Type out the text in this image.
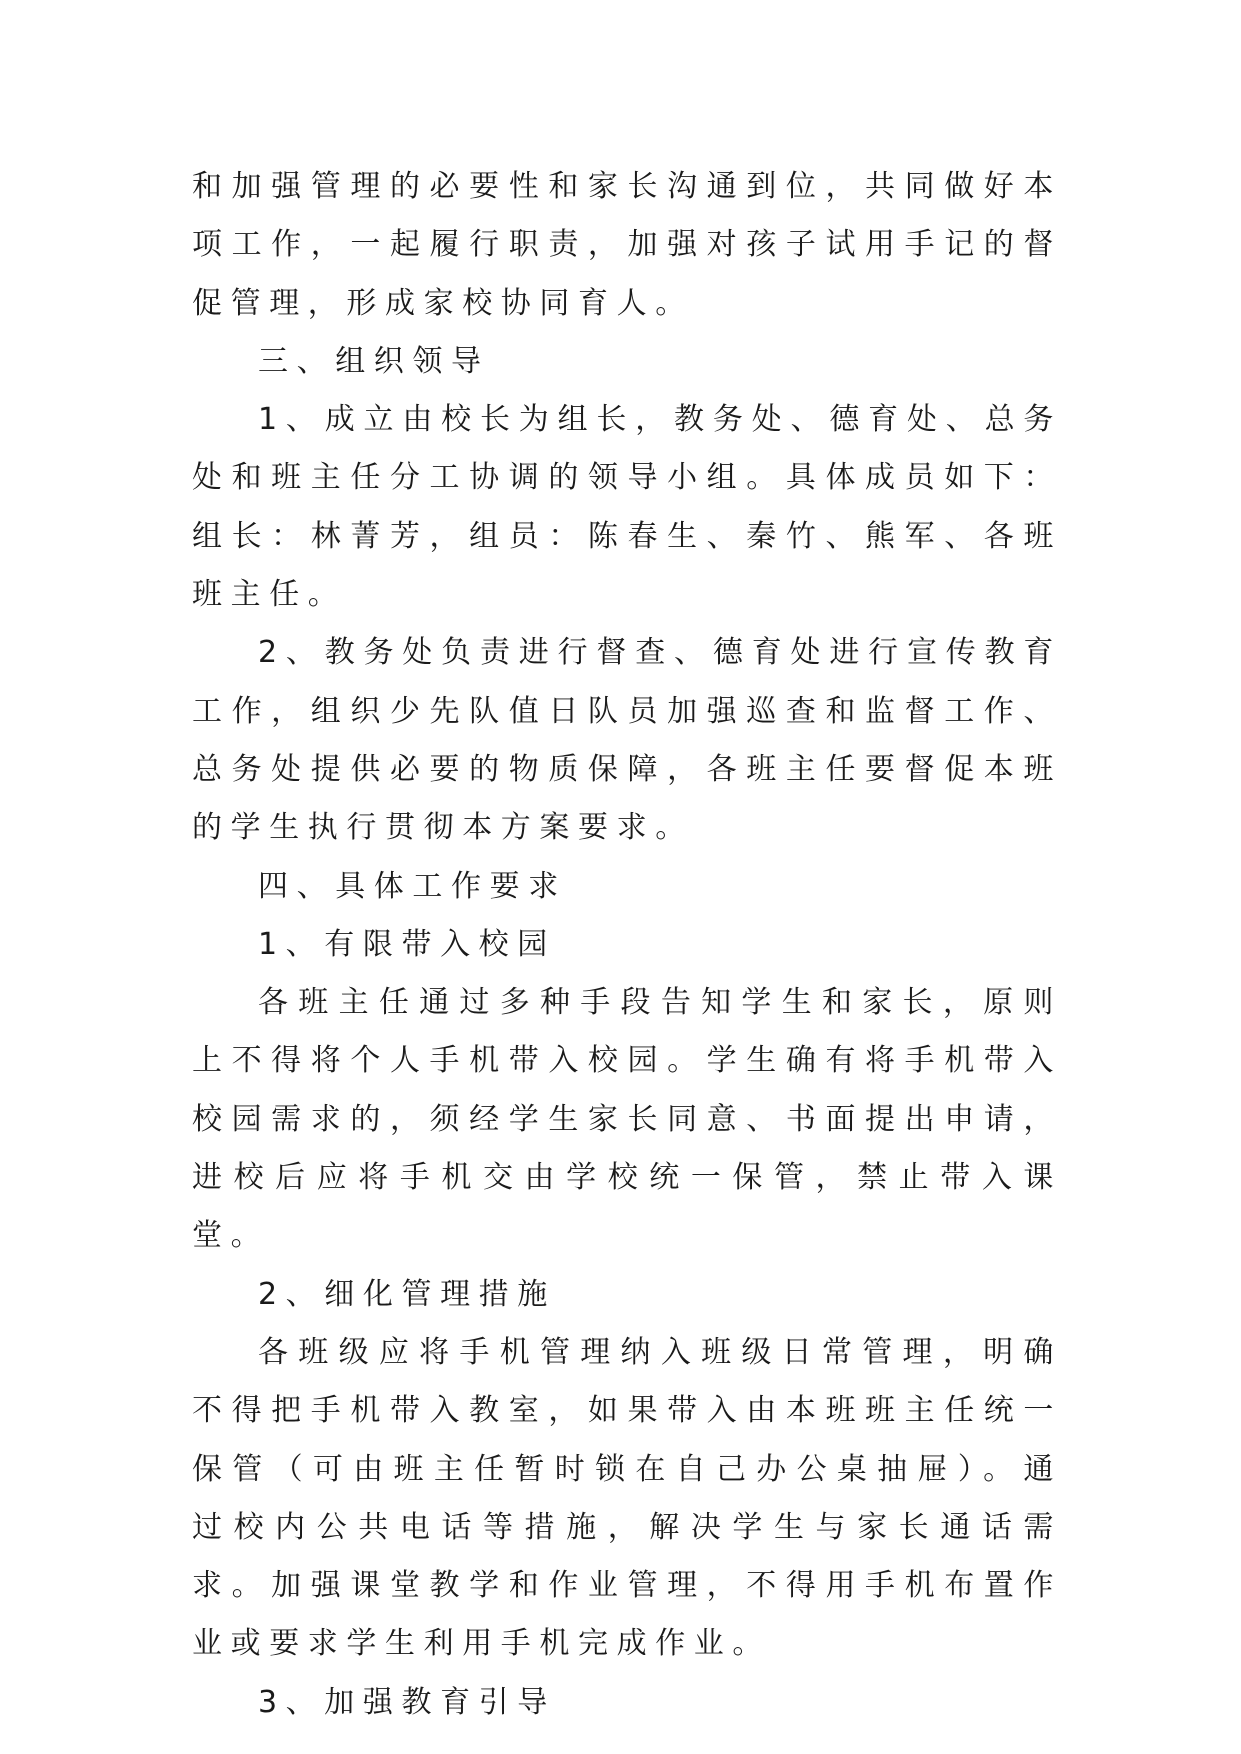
和加强管理的必要性和家长沟通到位，共同做好本项工作，一起履行职责，加强对孩子试用手记的督促管理，形成家校协同育人。

三、组织领导

1、成立由校长为组长，教务处、德育处、总务处和班主任分工协调的领导小组。具体成员如下：组长：林菁芳，组员：陈春生、秦竹、熊军、各班班主任。

2、教务处负责进行督查、德育处进行宣传教育工作，组织少先队值日队员加强巡查和监督工作、总务处提供必要的物质保障，各班主任要督促本班的学生执行贯彻本方案要求。

四、具体工作要求

1、有限带入校园

各班主任通过多种手段告知学生和家长，原则上不得将个人手机带入校园。学生确有将手机带入校园需求的，须经学生家长同意、书面提出申请，进校后应将手机交由学校统一保管，禁止带入课堂。

2、细化管理措施

各班级应将手机管理纳入班级日常管理，明确不得把手机带入教室，如果带入由本班班主任统一保管（可由班主任暂时锁在自己办公桌抽屉）。通过校内公共电话等措施，解决学生与家长通话需求。加强课堂教学和作业管理，不得用手机布置作业或要求学生利用手机完成作业。

3、加强教育引导
